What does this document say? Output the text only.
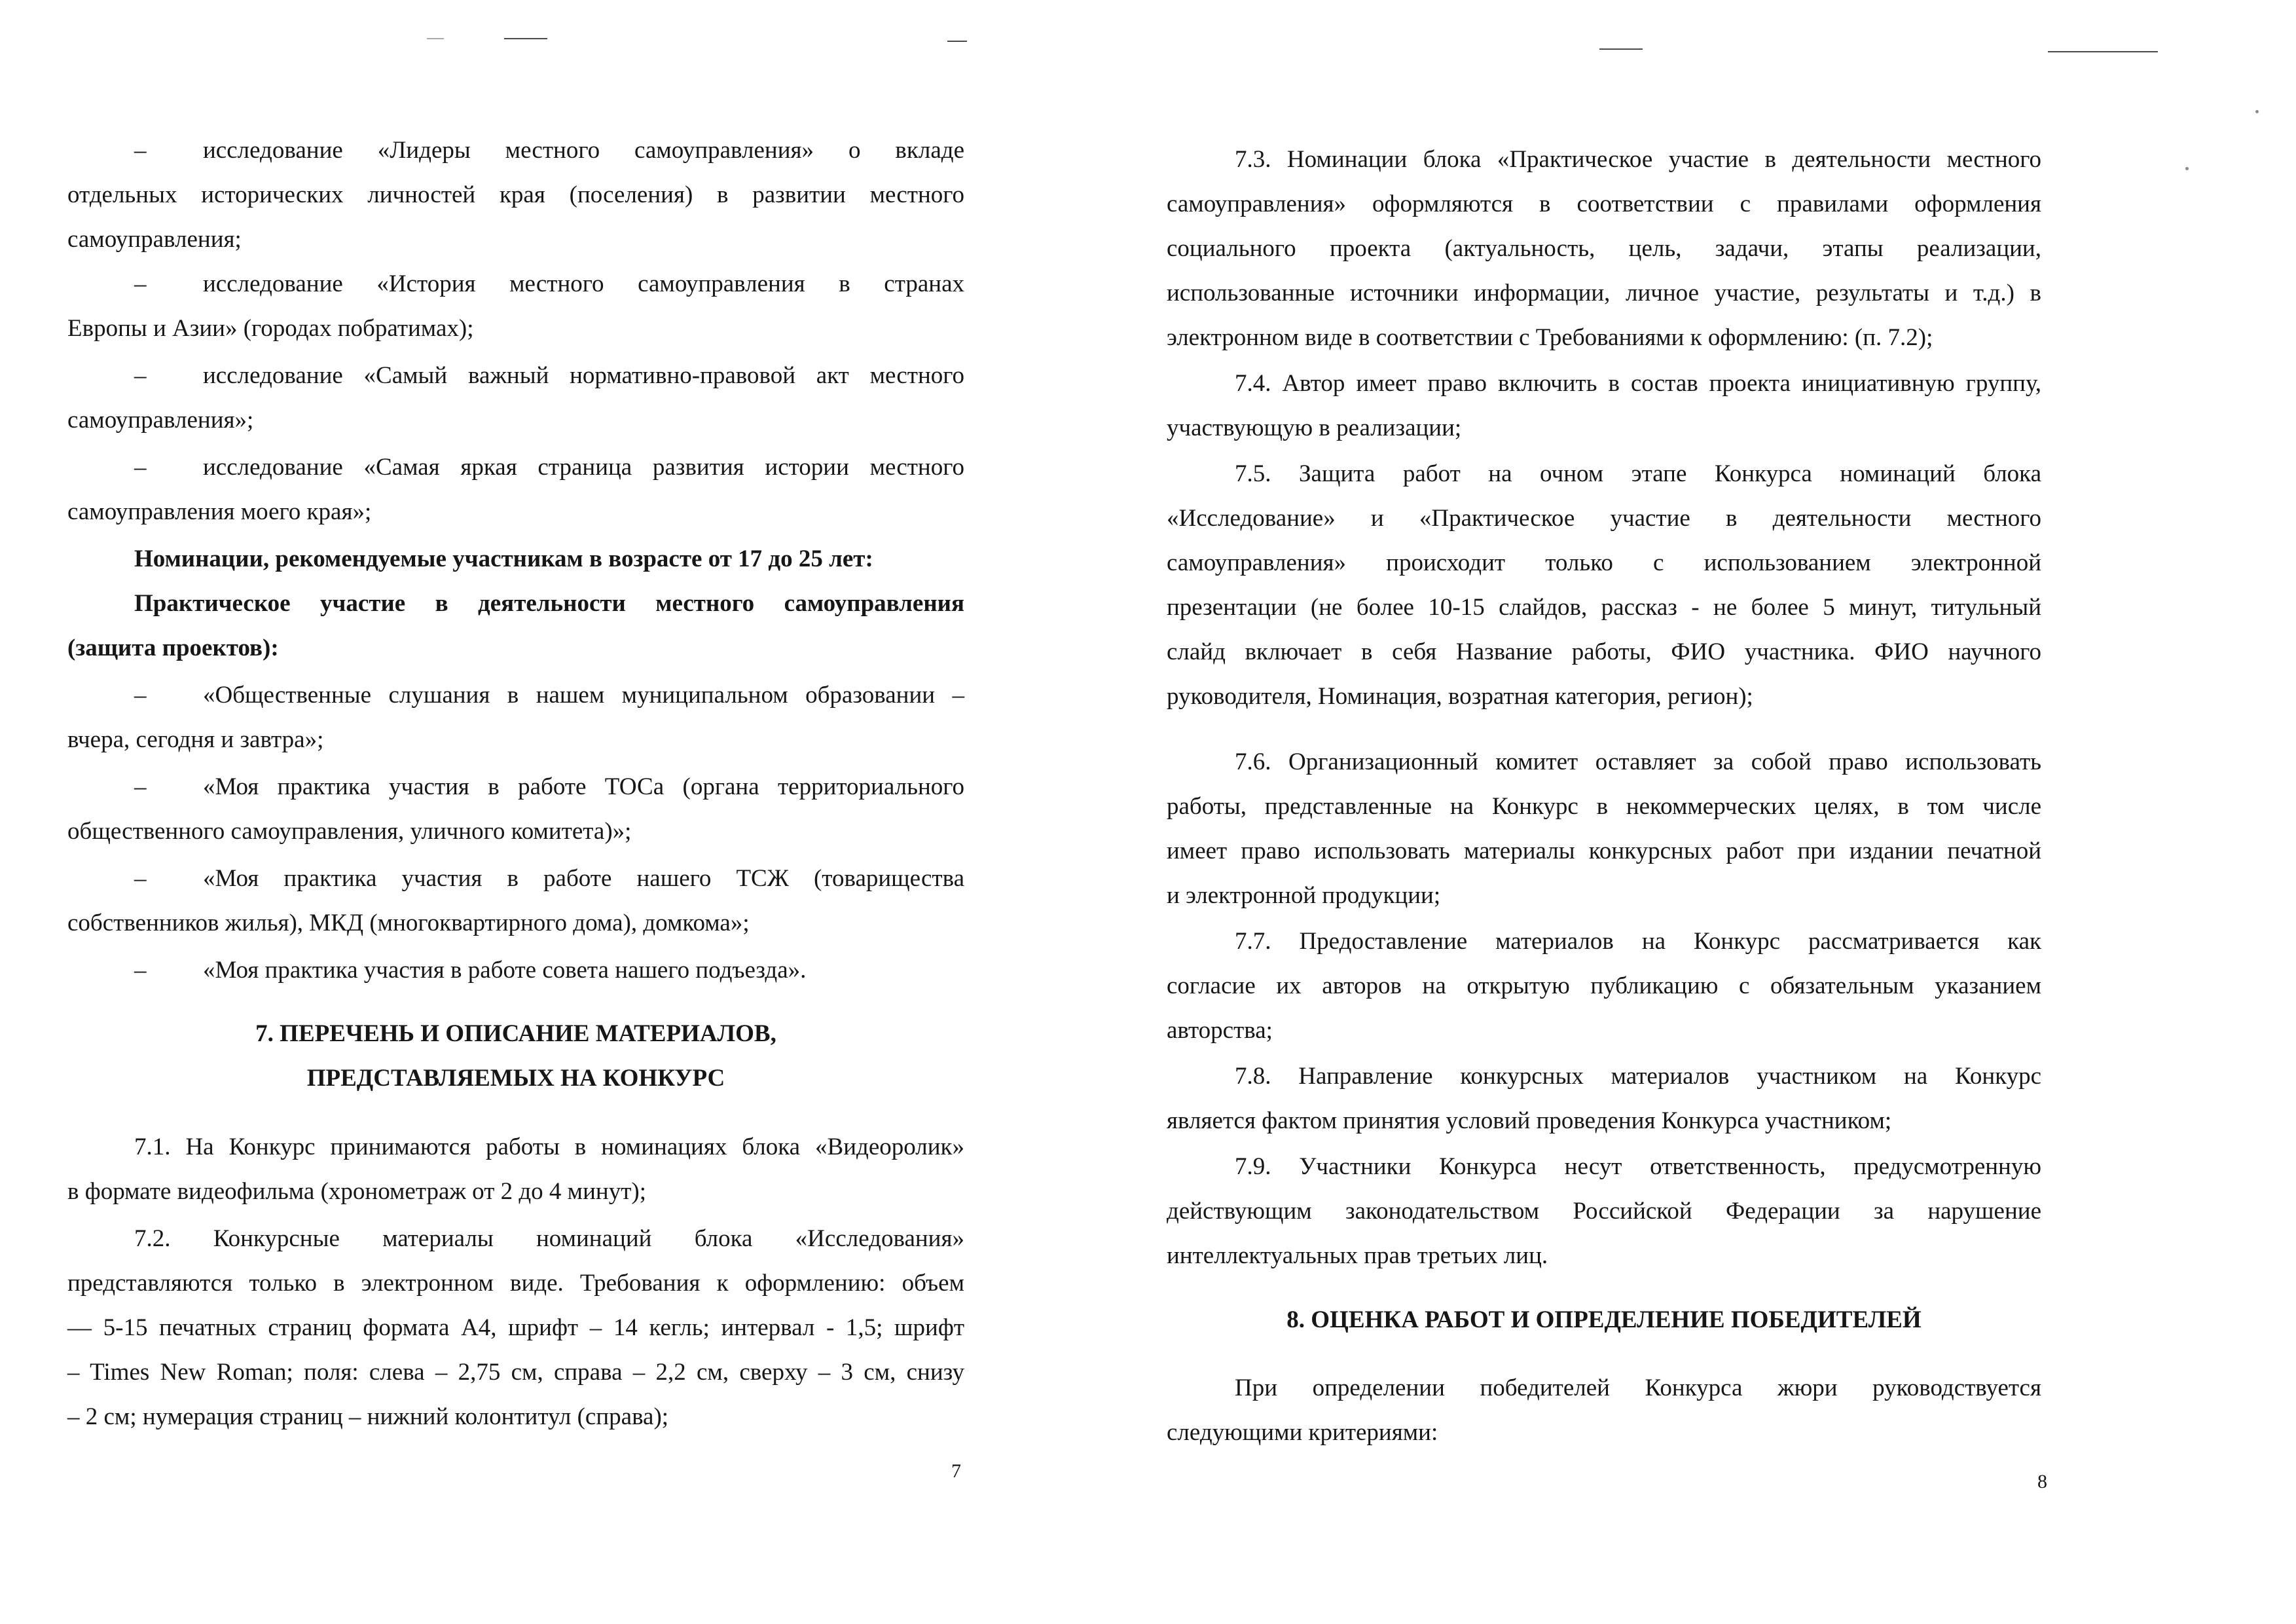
– исследование «Лидеры местного самоуправления» о вкладе

отдельных исторических личностей края (поселения) в развитии местного

самоуправления;

– исследование «История местного самоуправления в странах

Европы и Азии» (городах побратимах);

– исследование «Самый важный нормативно-правовой акт местного

самоуправления»;

– исследование «Самая яркая страница развития истории местного

самоуправления моего края»;

Номинации, рекомендуемые участникам в возрасте от 17 до 25 лет:

Практическое участие в деятельности местного самоуправления

(защита проектов):

– «Общественные слушания в нашем муниципальном образовании –

вчера, сегодня и завтра»;

– «Моя практика участия в работе ТОСа (органа территориального

общественного самоуправления, уличного комитета)»;

– «Моя практика участия в работе нашего ТСЖ (товарищества

собственников жилья), МКД (многоквартирного дома), домкома»;

– «Моя практика участия в работе совета нашего подъезда».

7. ПЕРЕЧЕНЬ И ОПИСАНИЕ МАТЕРИАЛОВ,

ПРЕДСТАВЛЯЕМЫХ НА КОНКУРС

7.1. На Конкурс принимаются работы в номинациях блока «Видеоролик»

в формате видеофильма (хронометраж от 2 до 4 минут);

7.2. Конкурсные материалы номинаций блока «Исследования»

представляются только в электронном виде. Требования к оформлению: объем

— 5-15 печатных страниц формата А4, шрифт – 14 кегль; интервал - 1,5; шрифт

– Times New Roman; поля: слева – 2,75 см, справа – 2,2 см, сверху – 3 см, снизу

– 2 см; нумерация страниц – нижний колонтитул (справа);

7

7.3. Номинации блока «Практическое участие в деятельности местного

самоуправления» оформляются в соответствии с правилами оформления

социального проекта (актуальность, цель, задачи, этапы реализации,

использованные источники информации, личное участие, результаты и т.д.) в

электронном виде в соответствии с Требованиями к оформлению: (п. 7.2);

7.4. Автор имеет право включить в состав проекта инициативную группу,

участвующую в реализации;

7.5. Защита работ на очном этапе Конкурса номинаций блока

«Исследование» и «Практическое участие в деятельности местного

самоуправления» происходит только с использованием электронной

презентации (не более 10-15 слайдов, рассказ - не более 5 минут, титульный

слайд включает в себя Название работы, ФИО участника. ФИО научного

руководителя, Номинация, возратная категория, регион);

7.6. Организационный комитет оставляет за собой право использовать

работы, представленные на Конкурс в некоммерческих целях, в том числе

имеет право использовать материалы конкурсных работ при издании печатной

и электронной продукции;

7.7. Предоставление материалов на Конкурс рассматривается как

согласие их авторов на открытую публикацию с обязательным указанием

авторства;

7.8. Направление конкурсных материалов участником на Конкурс

является фактом принятия условий проведения Конкурса участником;

7.9. Участники Конкурса несут ответственность, предусмотренную

действующим законодательством Российской Федерации за нарушение

интеллектуальных прав третьих лиц.

8. ОЦЕНКА РАБОТ И ОПРЕДЕЛЕНИЕ ПОБЕДИТЕЛЕЙ

При определении победителей Конкурса жюри руководствуется

следующими критериями:

8
